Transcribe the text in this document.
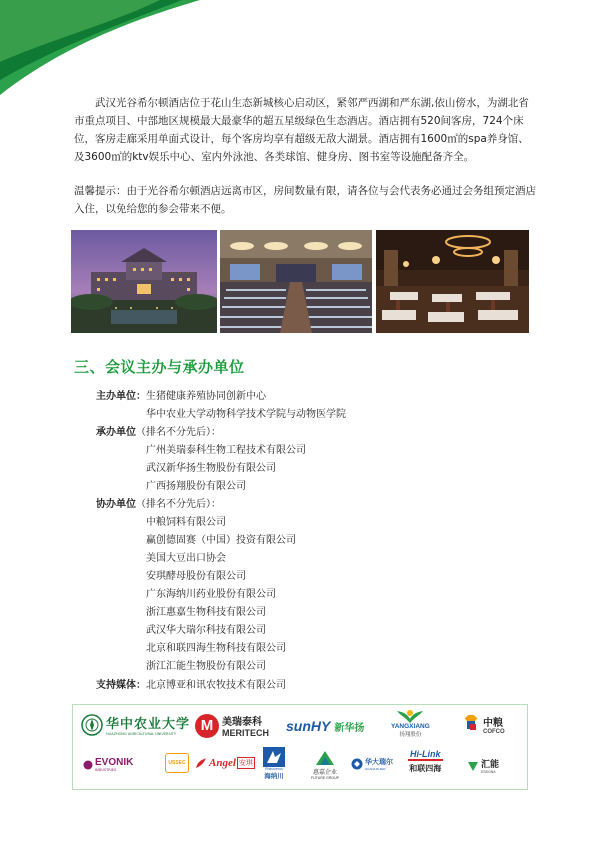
武汉光谷希尔顿酒店位于花山生态新城核心启动区，紧邻严西湖和严东湖,依山傍水，为湖北省市重点项目、中部地区规模最大最豪华的超五星级绿色生态酒店。酒店拥有520间客房，724个床位，客房走廊采用单面式设计，每个客房均享有超级无敌大湖景。酒店拥有1600㎡的spa养身馆、及3600㎡的ktv娱乐中心、室内外泳池、各类球馆、健身房、图书室等设施配备齐全。

温馨提示：由于光谷希尔顿酒店远离市区，房间数量有限，请各位与会代表务必通过会务组预定酒店入住，以免给您的参会带来不便。

三、会议主办与承办单位
主办单位： 生猪健康养殖协同创新中心
华中农业大学动物科学技术学院与动物医学院
承办单位（排名不分先后）：
广州美瑞泰科生物工程技术有限公司
武汉新华扬生物股份有限公司
广西扬翔股份有限公司
协办单位（排名不分先后）：
中粮饲料有限公司
赢创德固赛（中国）投资有限公司
美国大豆出口协会
安琪酵母股份有限公司
广东海纳川药业股份有限公司
浙江惠嘉生物科技有限公司
武汉华大瑞尔科技有限公司
北京和联四海生物科技有限公司
浙江汇能生物股份有限公司
支持媒体： 北京博亚和讯农牧技术有限公司
华中农业大学
HUAZHONG AGRICULTURAL UNIVERSITY	M 美瑞泰科
MERITECH sunHY 新华扬	YANGXIANG
扬翔股份
中粮
COFCO
EVONIK
INDUSTRIES
USSEC	Angel 安琪
Rhinoceros
海纳川	惠嘉企业
FUTURE GROUP
华大瑞尔
HUADA RUIER
Hi-Link
和联四海	汇能
ESSONA
